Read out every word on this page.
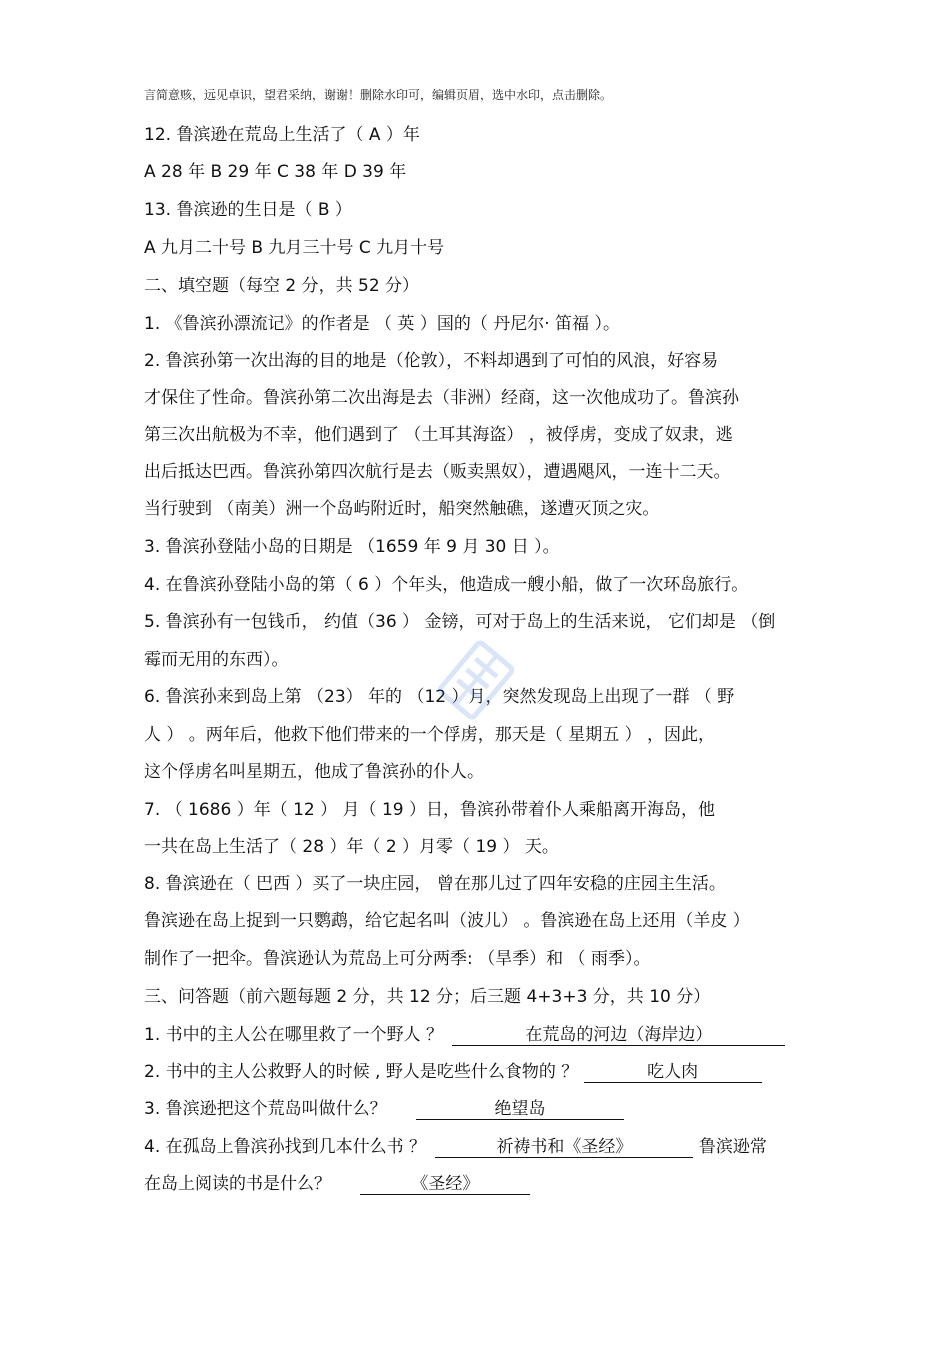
言简意赅，远见卓识，望君采纳，谢谢！删除水印可，编辑页眉，选中水印，点击删除。
12. 鲁滨逊在荒岛上生活了（ A ）年
A 28 年 B 29 年 C 38 年 D 39 年
13. 鲁滨逊的生日是（ B ）
A 九月二十号 B 九月三十号 C 九月十号
二、填空题（每空 2 分，共 52 分）
1. 《鲁滨孙漂流记》的作者是 （ 英 ）国的（ 丹尼尔· 笛福 ）。
2. 鲁滨孙第一次出海的目的地是（伦敦），不料却遇到了可怕的风浪，好容易
才保住了性命。鲁滨孙第二次出海是去（非洲）经商，这一次他成功了。鲁滨孙
第三次出航极为不幸，他们遇到了 （土耳其海盗） ，被俘虏，变成了奴隶，逃
出后抵达巴西。鲁滨孙第四次航行是去（贩卖黑奴），遭遇飓风，一连十二天。
当行驶到 （南美）洲一个岛屿附近时，船突然触礁，遂遭灭顶之灾。
3. 鲁滨孙登陆小岛的日期是 （1659 年 9 月 30 日 ）。
4. 在鲁滨孙登陆小岛的第（ 6 ）个年头，他造成一艘小船，做了一次环岛旅行。
5. 鲁滨孙有一包钱币， 约值（36 ） 金镑，可对于岛上的生活来说， 它们却是 （倒
霉而无用的东西）。
6. 鲁滨孙来到岛上第 （23） 年的 （12 ）月，突然发现岛上出现了一群 （ 野
人 ） 。两年后，他救下他们带来的一个俘虏，那天是（ 星期五 ） ，因此，
这个俘虏名叫星期五，他成了鲁滨孙的仆人。
7. （ 1686 ）年（ 12 ） 月（ 19 ）日，鲁滨孙带着仆人乘船离开海岛，他
一共在岛上生活了（ 28 ）年（ 2 ）月零（ 19 ） 天。
8. 鲁滨逊在（ 巴西 ）买了一块庄园， 曾在那儿过了四年安稳的庄园主生活。
鲁滨逊在岛上捉到一只鹦鹉，给它起名叫（波儿） 。鲁滨逊在岛上还用（羊皮 ）
制作了一把伞。鲁滨逊认为荒岛上可分两季: （旱季）和 （ 雨季）。
三、问答题（前六题每题 2 分，共 12 分；后三题 4+3+3 分，共 10 分）
1. 书中的主人公在哪里救了一个野人 ？	在荒岛的河边（海岸边）
2. 书中的主人公救野人的时候 , 野人是吃些什么食物的 ？	吃人肉
3. 鲁滨逊把这个荒岛叫做什么？	绝望岛
4. 在孤岛上鲁滨孙找到几本什么书 ？	祈祷书和《圣经》	鲁滨逊常
在岛上阅读的书是什么？	《圣经》
